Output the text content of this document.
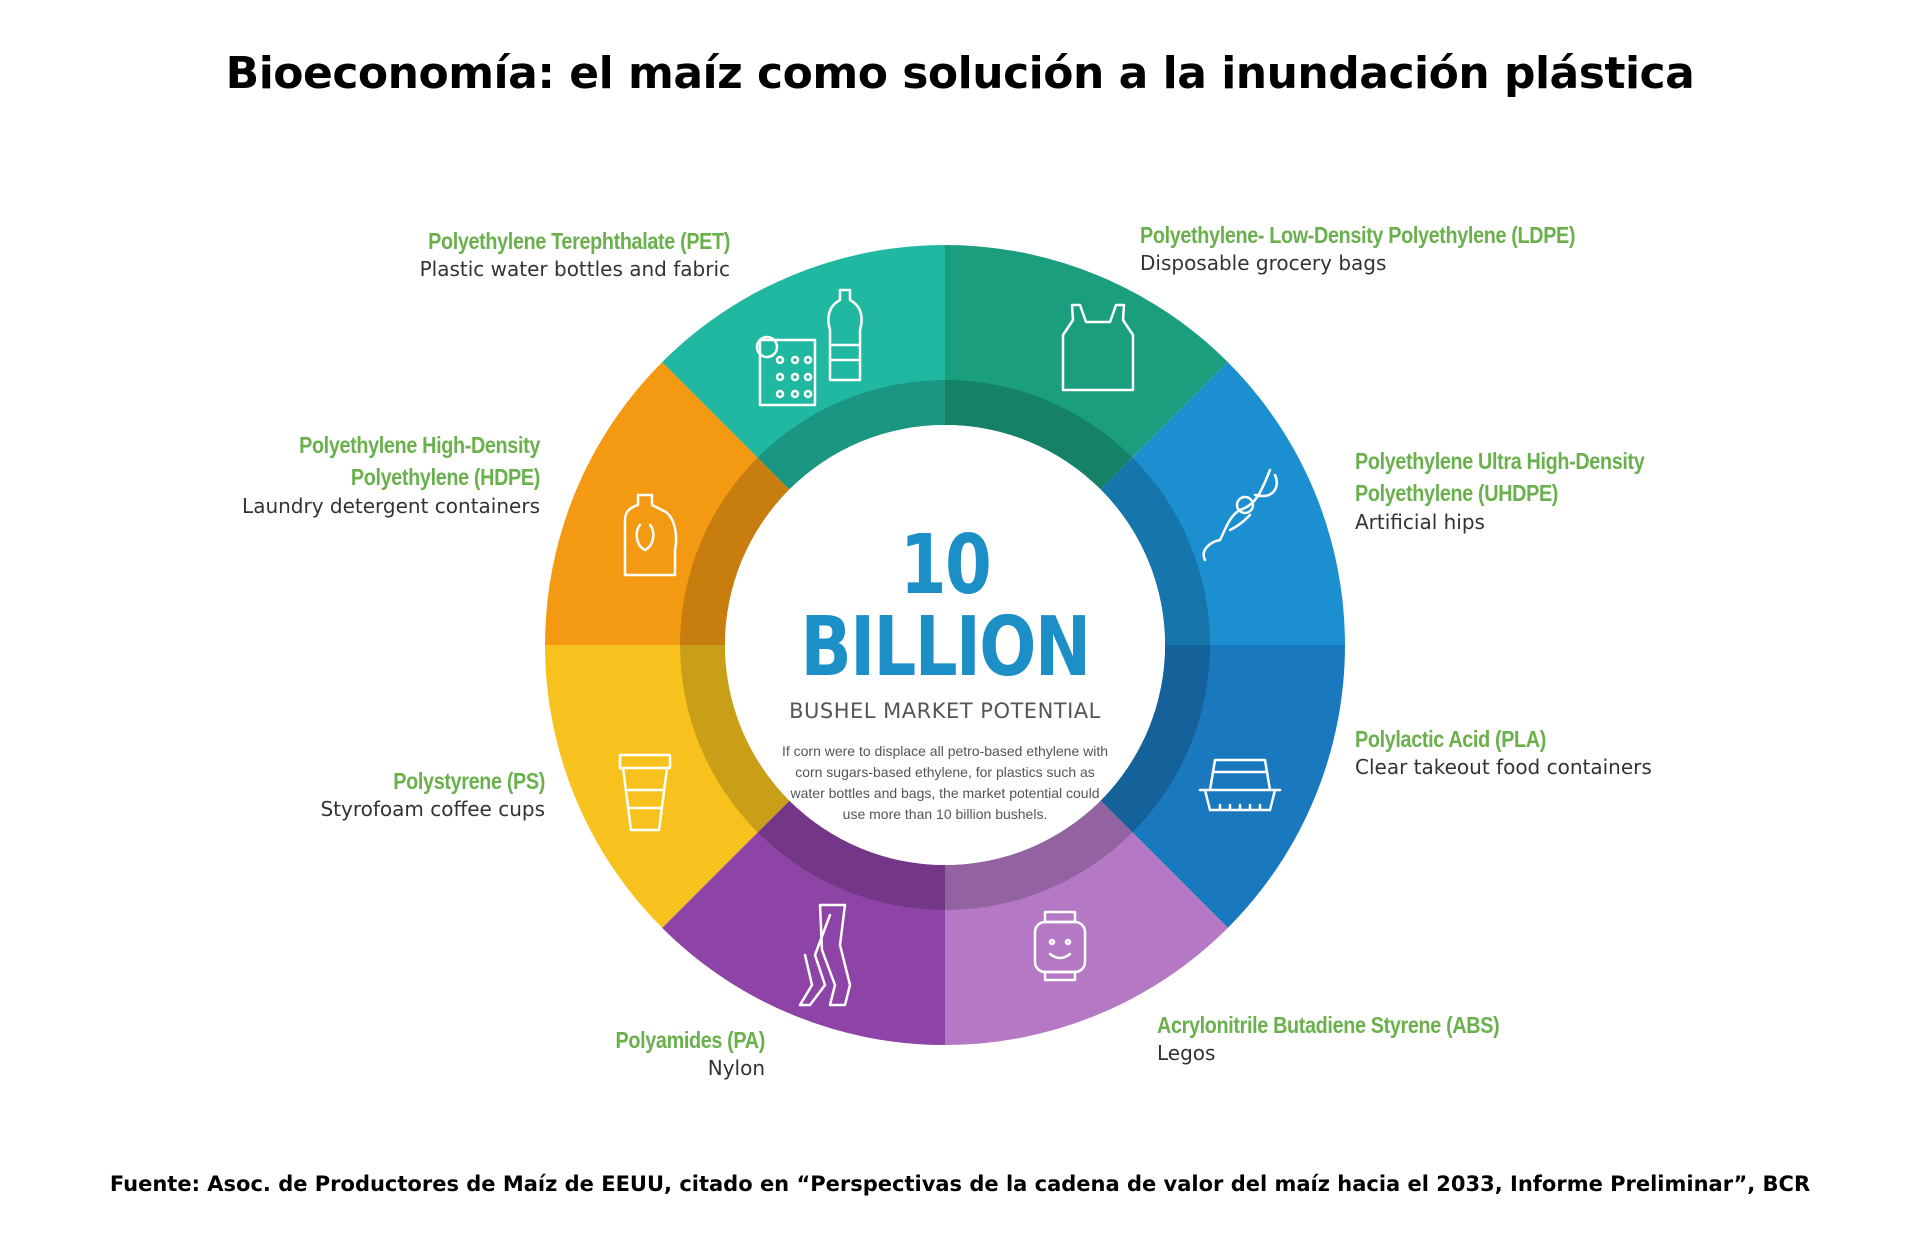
Bioeconomía: el maíz como solución a la inundación plástica
10 BILLION
BUSHEL MARKET POTENTIAL
If corn were to displace all petro-based ethylene with corn sugars-based ethylene, for plastics such as water bottles and bags, the market potential could use more than 10 billion bushels.
Polyethylene- Low-Density Polyethylene (LDPE)
Disposable grocery bags
Polyethylene Ultra High-Density
Polyethylene (UHDPE)
Artificial hips
Polylactic Acid (PLA)
Clear takeout food containers
Acrylonitrile Butadiene Styrene (ABS)
Legos
Polyamides (PA)
Nylon
Polystyrene (PS)
Styrofoam coffee cups
Polyethylene High-Density
Polyethylene (HDPE)
Laundry detergent containers
Polyethylene Terephthalate (PET)
Plastic water bottles and fabric
Fuente: Asoc. de Productores de Maíz de EEUU, citado en “Perspectivas de la cadena de valor del maíz hacia el 2033, Informe Preliminar”, BCR
